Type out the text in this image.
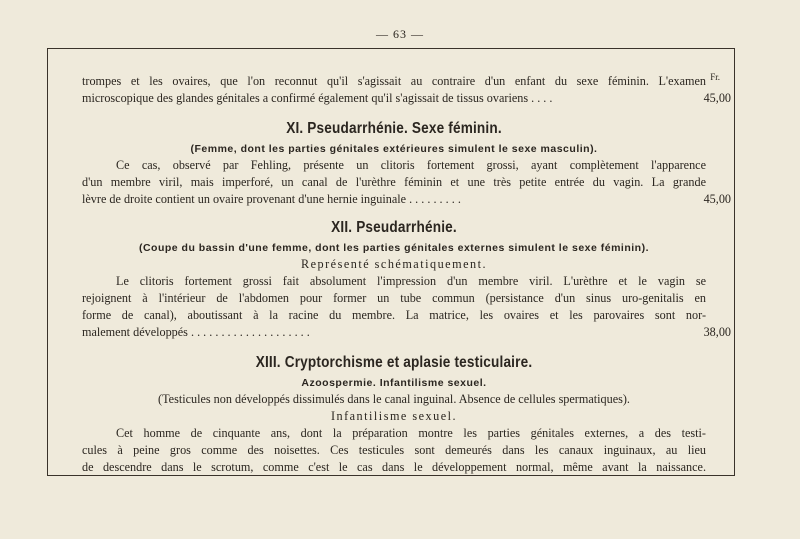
— 63 —
trompes et les ovaires, que l'on reconnut qu'il s'agissait au contraire d'un enfant du sexe féminin. L'examen Fr.
microscopique des glandes génitales a confirmé également qu'il s'agissait de tissus ovariens . . . .	45,00
XI. Pseudarrhénie. Sexe féminin.
(Femme, dont les parties génitales extérieures simulent le sexe masculin).
Ce cas, observé par Fehling, présente un clitoris fortement grossi, ayant complètement l'apparence
d'un membre viril, mais imperforé, un canal de l'urèthre féminin et une très petite entrée du vagin. La grande
lèvre de droite contient un ovaire provenant d'une hernie inguinale . . . . . . . . .	45,00
XII. Pseudarrhénie.
(Coupe du bassin d'une femme, dont les parties génitales externes simulent le sexe féminin).
Représenté schématiquement.
Le clitoris fortement grossi fait absolument l'impression d'un membre viril. L'urèthre et le vagin se
rejoignent à l'intérieur de l'abdomen pour former un tube commun (persistance d'un sinus uro-genitalis en
forme de canal), aboutissant à la racine du membre. La matrice, les ovaires et les parovaires sont nor-
malement développés . . . . . . . . . . . . . . . . . . . .	38,00
XIII. Cryptorchisme et aplasie testiculaire.
Azoospermie. Infantilisme sexuel.
(Testicules non développés dissimulés dans le canal inguinal. Absence de cellules spermatiques).
Infantilisme sexuel.
Cet homme de cinquante ans, dont la préparation montre les parties génitales externes, a des testi-
cules à peine gros comme des noisettes. Ces testicules sont demeurés dans les canaux inguinaux, au lieu
de descendre dans le scrotum, comme c'est le cas dans le développement normal, même avant la naissance.
